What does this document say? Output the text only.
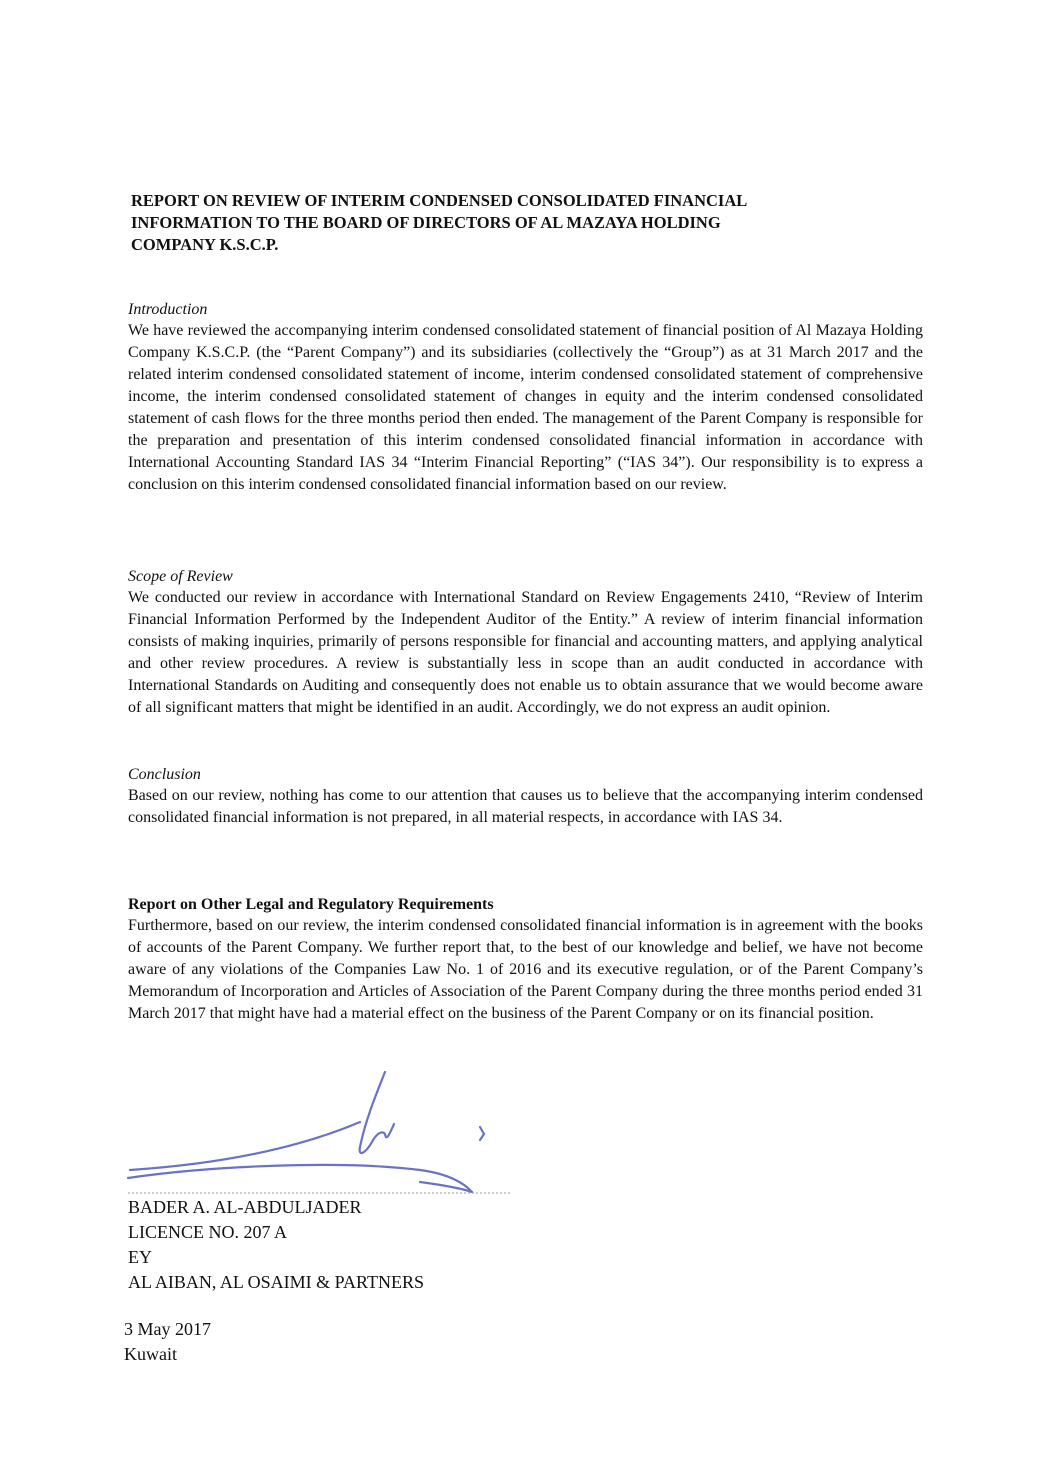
REPORT ON REVIEW OF INTERIM CONDENSED CONSOLIDATED FINANCIAL INFORMATION TO THE BOARD OF DIRECTORS OF AL MAZAYA HOLDING COMPANY K.S.C.P.

Introduction

We have reviewed the accompanying interim condensed consolidated statement of financial position of Al Mazaya Holding Company K.S.C.P. (the “Parent Company”) and its subsidiaries (collectively the “Group”) as at 31 March 2017 and the related interim condensed consolidated statement of income, interim condensed consolidated statement of comprehensive income, the interim condensed consolidated statement of changes in equity and the interim condensed consolidated statement of cash flows for the three months period then ended. The management of the Parent Company is responsible for the preparation and presentation of this interim condensed consolidated financial information in accordance with International Accounting Standard IAS 34 “Interim Financial Reporting” (“IAS 34”). Our responsibility is to express a conclusion on this interim condensed consolidated financial information based on our review.

Scope of Review

We conducted our review in accordance with International Standard on Review Engagements 2410, “Review of Interim Financial Information Performed by the Independent Auditor of the Entity.” A review of interim financial information consists of making inquiries, primarily of persons responsible for financial and accounting matters, and applying analytical and other review procedures. A review is substantially less in scope than an audit conducted in accordance with International Standards on Auditing and consequently does not enable us to obtain assurance that we would become aware of all significant matters that might be identified in an audit. Accordingly, we do not express an audit opinion.

Conclusion

Based on our review, nothing has come to our attention that causes us to believe that the accompanying interim condensed consolidated financial information is not prepared, in all material respects, in accordance with IAS 34.

Report on Other Legal and Regulatory Requirements

Furthermore, based on our review, the interim condensed consolidated financial information is in agreement with the books of accounts of the Parent Company. We further report that, to the best of our knowledge and belief, we have not become aware of any violations of the Companies Law No. 1 of 2016 and its executive regulation, or of the Parent Company’s Memorandum of Incorporation and Articles of Association of the Parent Company during the three months period ended 31 March 2017 that might have had a material effect on the business of the Parent Company or on its financial position.

BADER A. AL-ABDULJADER
LICENCE NO. 207 A
EY
AL AIBAN, AL OSAIMI & PARTNERS
3 May 2017
Kuwait
